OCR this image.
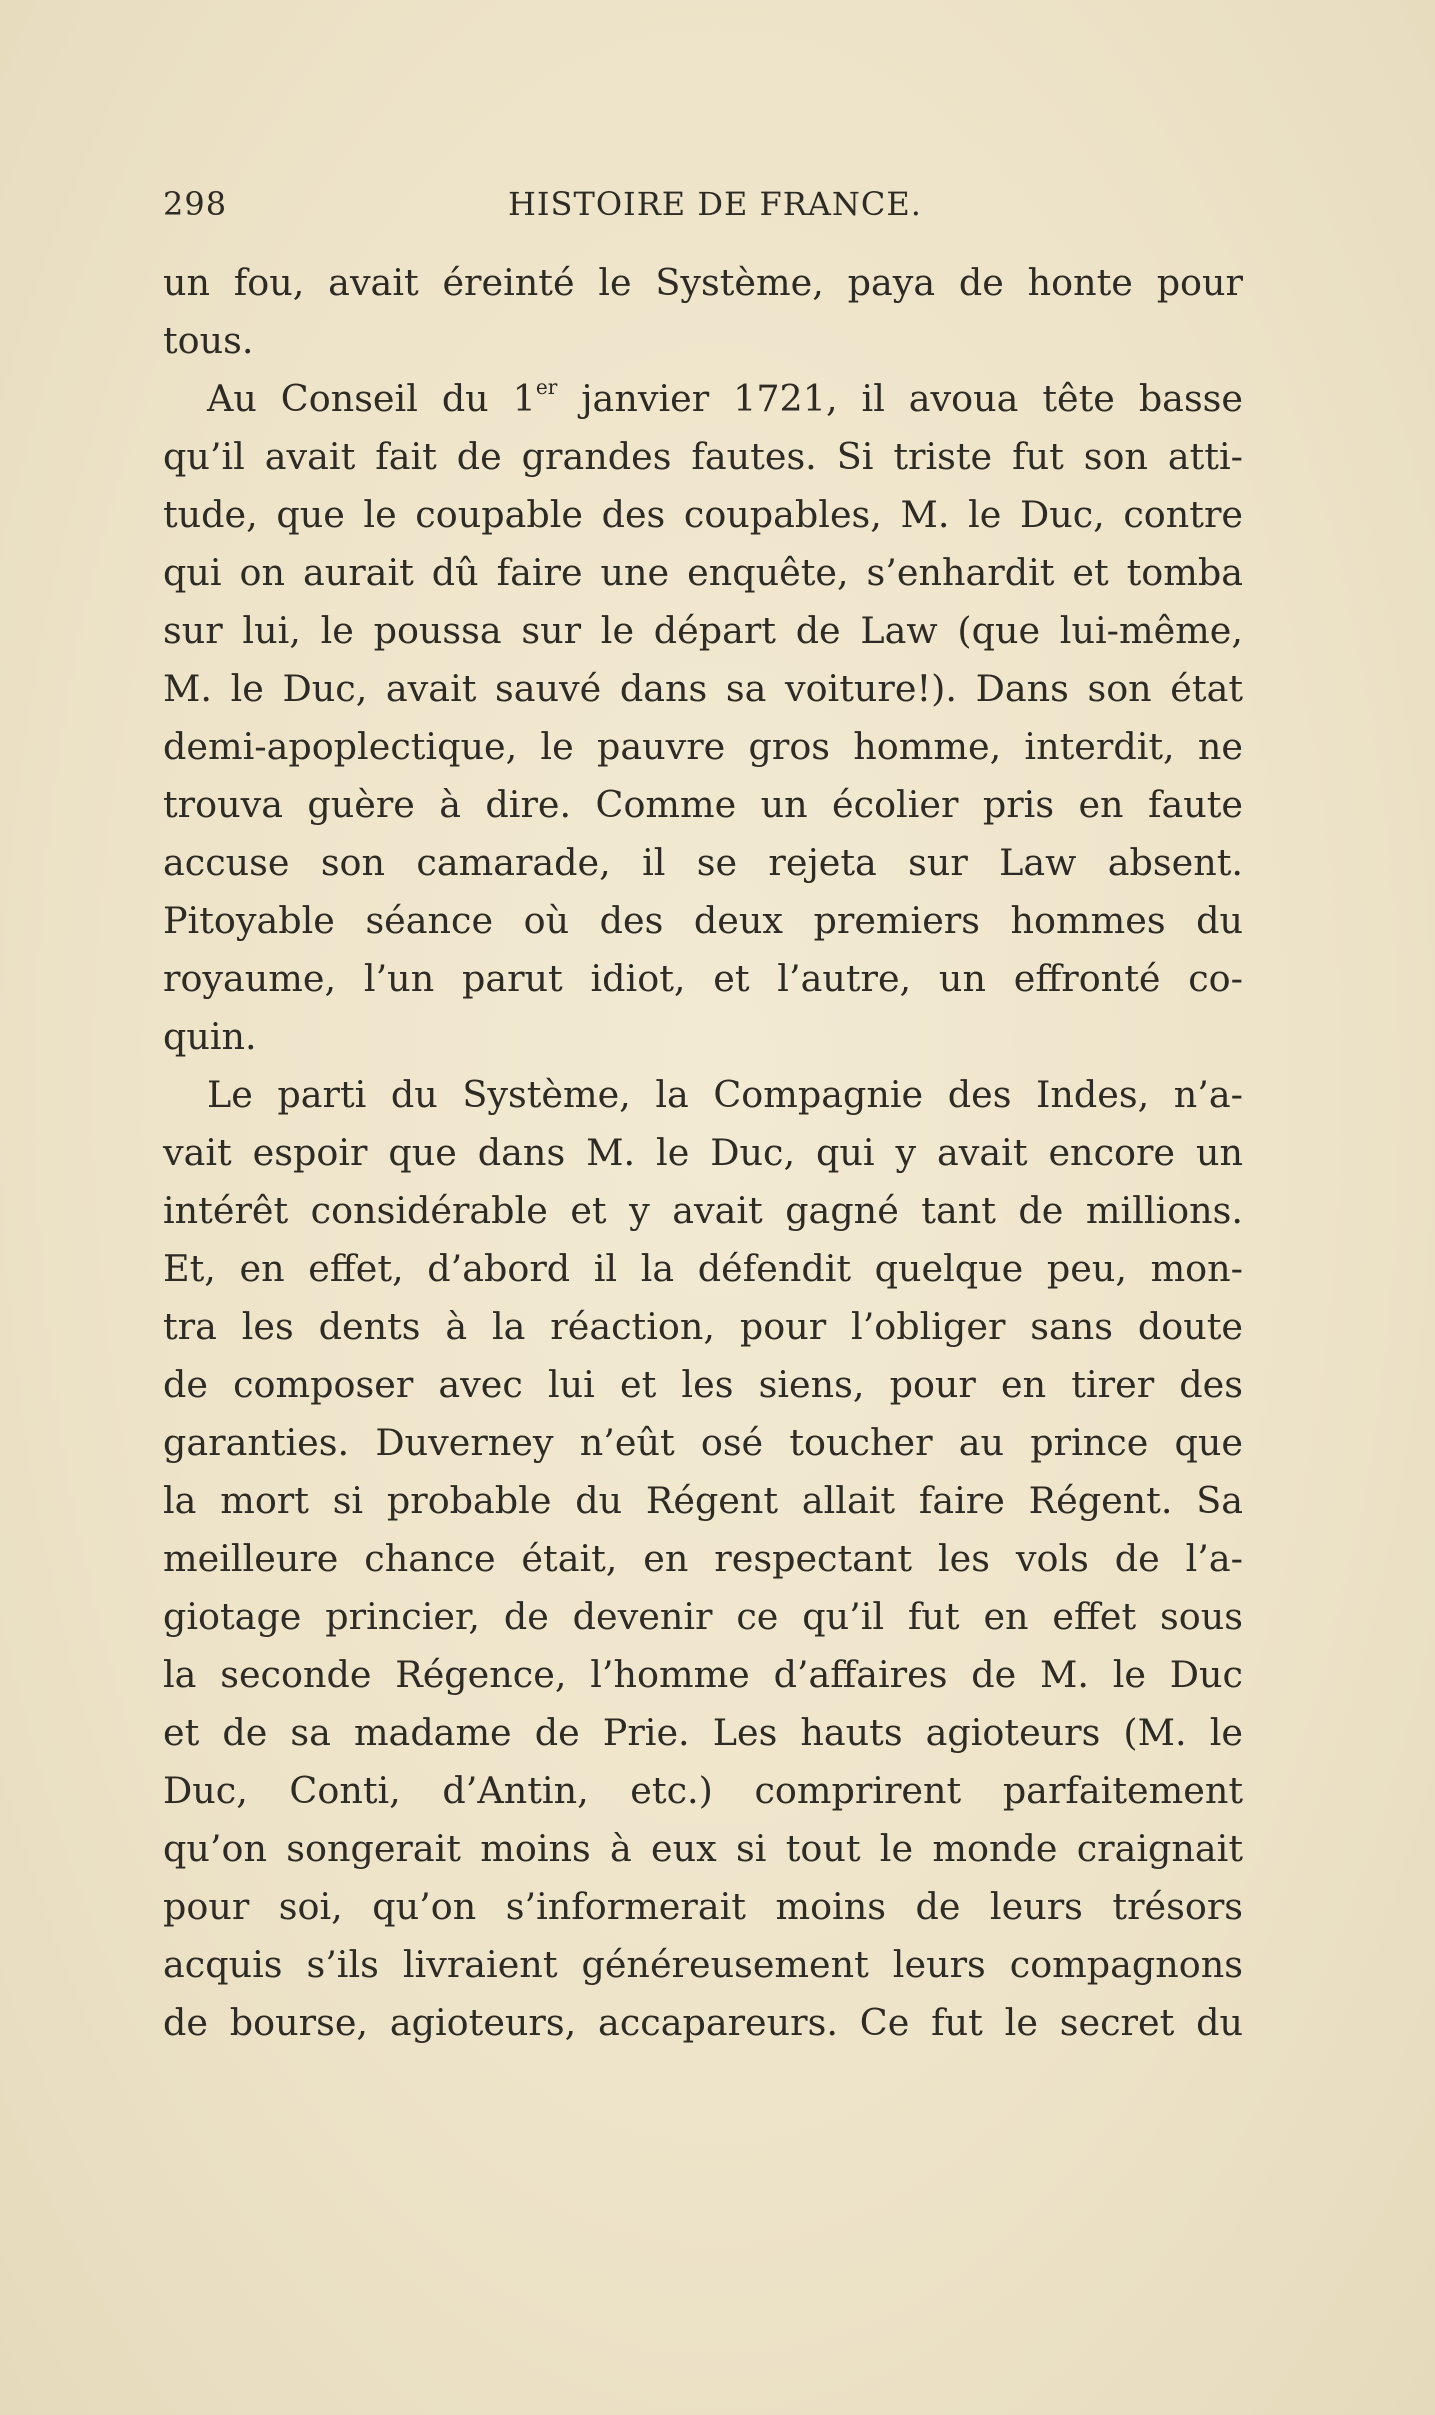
298	HISTOIRE DE FRANCE.
un fou, avait éreinté le Système, paya de honte pour
tous.
Au Conseil du 1er janvier 1721, il avoua tête basse
qu’il avait fait de grandes fautes. Si triste fut son atti-
tude, que le coupable des coupables, M. le Duc, contre
qui on aurait dû faire une enquête, s’enhardit et tomba
sur lui, le poussa sur le départ de Law (que lui-même,
M. le Duc, avait sauvé dans sa voiture!). Dans son état
demi-apoplectique, le pauvre gros homme, interdit, ne
trouva guère à dire. Comme un écolier pris en faute
accuse son camarade, il se rejeta sur Law absent.
Pitoyable séance où des deux premiers hommes du
royaume, l’un parut idiot, et l’autre, un effronté co-
quin.
Le parti du Système, la Compagnie des Indes, n’a-
vait espoir que dans M. le Duc, qui y avait encore un
intérêt considérable et y avait gagné tant de millions.
Et, en effet, d’abord il la défendit quelque peu, mon-
tra les dents à la réaction, pour l’obliger sans doute
de composer avec lui et les siens, pour en tirer des
garanties. Duverney n’eût osé toucher au prince que
la mort si probable du Régent allait faire Régent. Sa
meilleure chance était, en respectant les vols de l’a-
giotage princier, de devenir ce qu’il fut en effet sous
la seconde Régence, l’homme d’affaires de M. le Duc
et de sa madame de Prie. Les hauts agioteurs (M. le
Duc, Conti, d’Antin, etc.) comprirent parfaitement
qu’on songerait moins à eux si tout le monde craignait
pour soi, qu’on s’informerait moins de leurs trésors
acquis s’ils livraient généreusement leurs compagnons
de bourse, agioteurs, accapareurs. Ce fut le secret du
